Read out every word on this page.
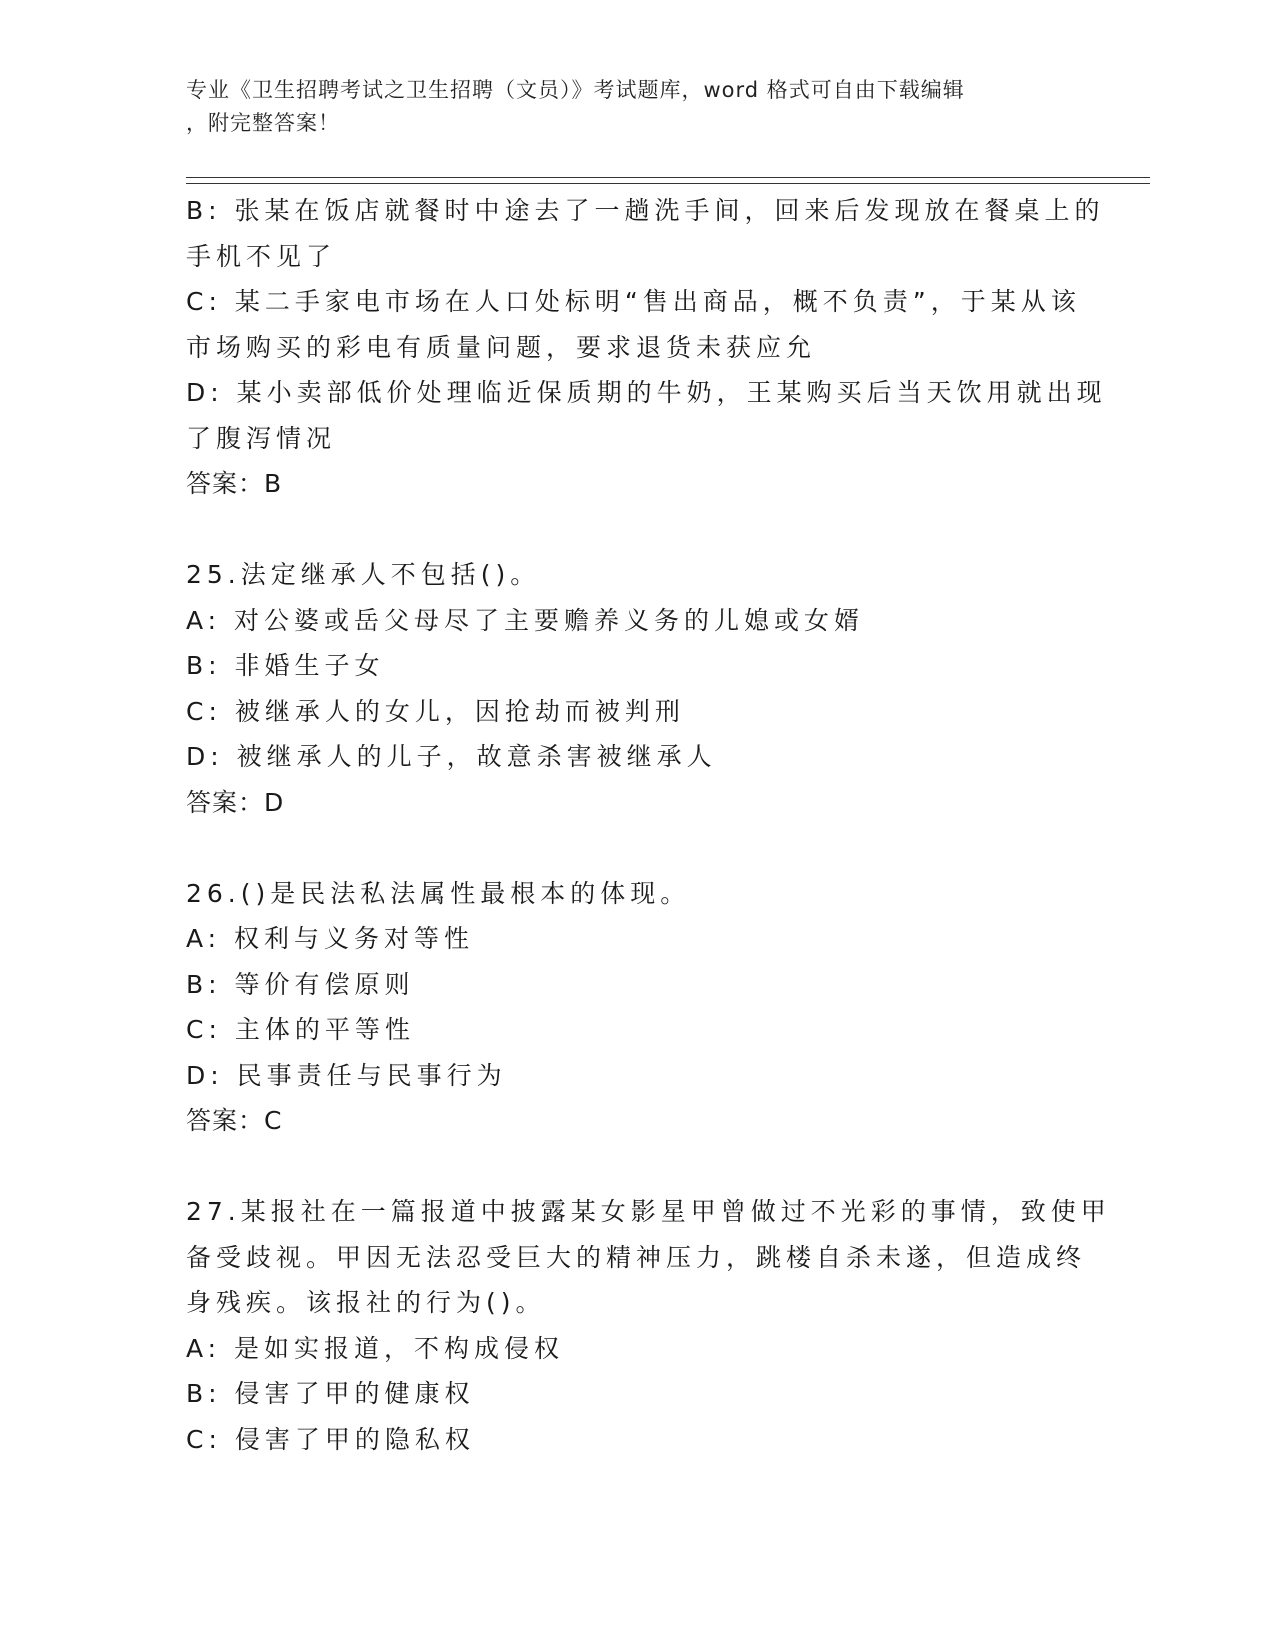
专业《卫生招聘考试之卫生招聘（文员）》考试题库，word 格式可自由下载编辑
，附完整答案！
B: 张某在饭店就餐时中途去了一趟洗手间，回来后发现放在餐桌上的
手机不见了
C: 某二手家电市场在人口处标明“售出商品，概不负责”，于某从该
市场购买的彩电有质量问题，要求退货未获应允
D: 某小卖部低价处理临近保质期的牛奶，王某购买后当天饮用就出现
了腹泻情况
答案：B
25.法定继承人不包括()。
A: 对公婆或岳父母尽了主要赡养义务的儿媳或女婿
B: 非婚生子女
C: 被继承人的女儿，因抢劫而被判刑
D: 被继承人的儿子，故意杀害被继承人
答案：D
26.()是民法私法属性最根本的体现。
A: 权利与义务对等性
B: 等价有偿原则
C: 主体的平等性
D: 民事责任与民事行为
答案：C
27.某报社在一篇报道中披露某女影星甲曾做过不光彩的事情，致使甲
备受歧视。甲因无法忍受巨大的精神压力，跳楼自杀未遂，但造成终
身残疾。该报社的行为()。
A: 是如实报道，不构成侵权
B: 侵害了甲的健康权
C: 侵害了甲的隐私权
